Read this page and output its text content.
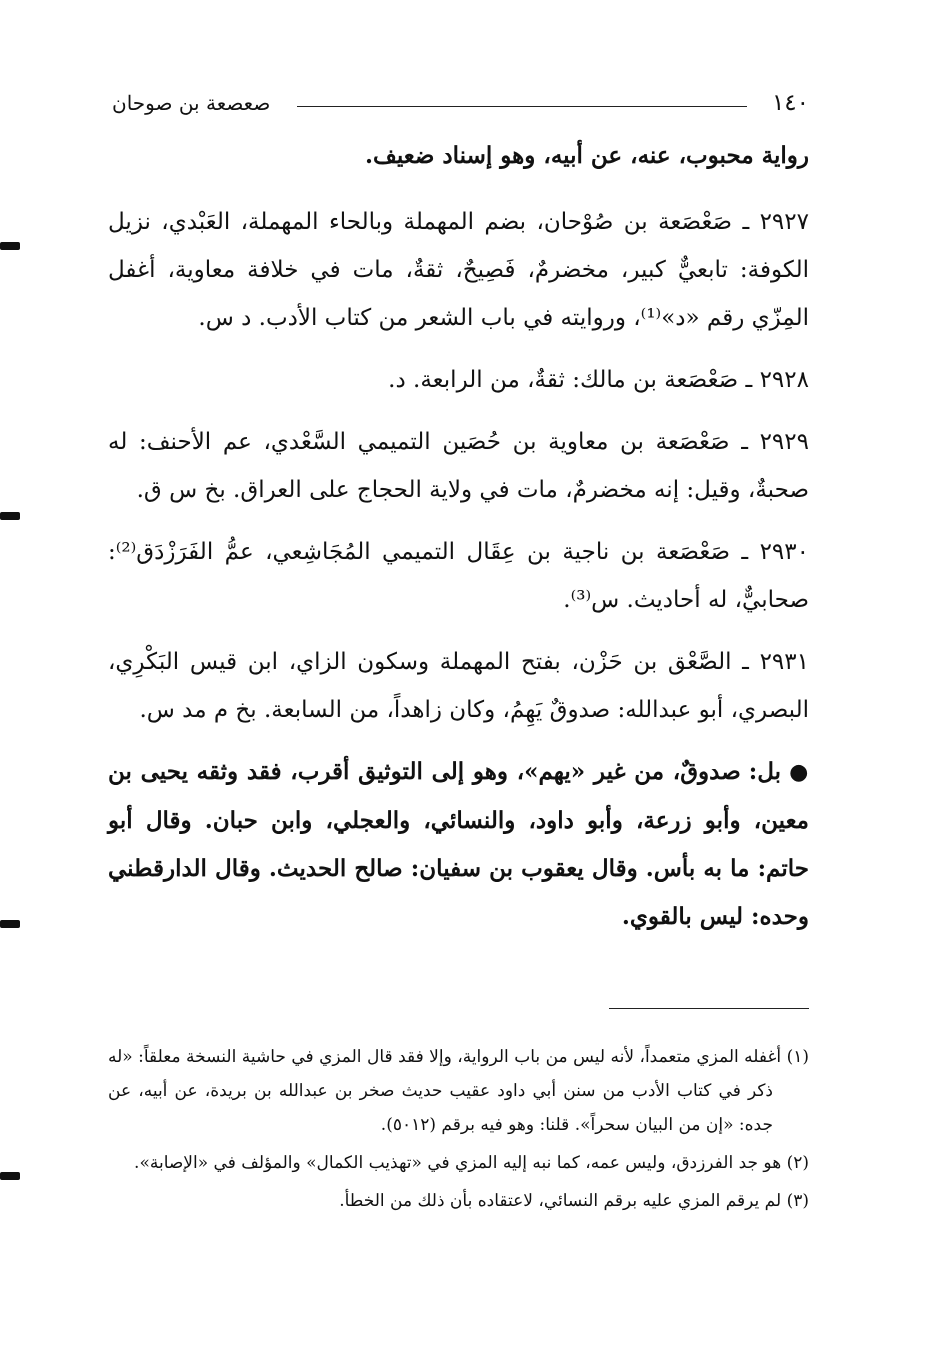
١٤٠
صعصعة بن صوحان

رواية محبوب، عنه، عن أبيه، وهو إسناد ضعيف.

٢٩٢٧ ـ صَعْصَعة بن صُوْحان، بضم المهملة وبالحاء المهملة، العَبْدي، نزيل الكوفة: تابعيٌّ كبير، مخضرمٌ، فَصِيحٌ، ثقةٌ، مات في خلافة معاوية، أغفل المِزّي رقم «د»⁽¹⁾، وروايته في باب الشعر من كتاب الأدب. د س.

٢٩٢٨ ـ صَعْصَعة بن مالك: ثقةٌ، من الرابعة. د.

٢٩٢٩ ـ صَعْصَعة بن معاوية بن حُصَين التميمي السَّعْدي، عم الأحنف: له صحبةٌ، وقيل: إنه مخضرمٌ، مات في ولاية الحجاج على العراق. بخ س ق.

٢٩٣٠ ـ صَعْصَعة بن ناجية بن عِقَال التميمي المُجَاشِعي، عمُّ الفَرَزْدَق⁽²⁾: صحابيٌّ، له أحاديث. س⁽³⁾.

٢٩٣١ ـ الصَّعْق بن حَزْن، بفتح المهملة وسكون الزاي، ابن قيس البَكْرِي، البصري، أبو عبدالله: صدوقٌ يَهِمُ، وكان زاهداً، من السابعة. بخ م مد س.

● بل: صدوقٌ، من غير «يهم»، وهو إلى التوثيق أقرب، فقد وثقه يحيى بن معين، وأبو زرعة، وأبو داود، والنسائي، والعجلي، وابن حبان. وقال أبو حاتم: ما به بأس. وقال يعقوب بن سفيان: صالح الحديث. وقال الدارقطني وحده: ليس بالقوي.

(١) أغفله المزي متعمداً، لأنه ليس من باب الرواية، وإلا فقد قال المزي في حاشية النسخة معلقاً: «له ذكر في كتاب الأدب من سنن أبي داود عقيب حديث صخر بن عبدالله بن بريدة، عن أبيه، عن جده: «إن من البيان سحراً». قلنا: وهو فيه برقم (٥٠١٢).

(٢) هو جد الفرزدق، وليس عمه، كما نبه إليه المزي في «تهذيب الكمال» والمؤلف في «الإصابة».

(٣) لم يرقم المزي عليه برقم النسائي، لاعتقاده بأن ذلك من الخطأ.
